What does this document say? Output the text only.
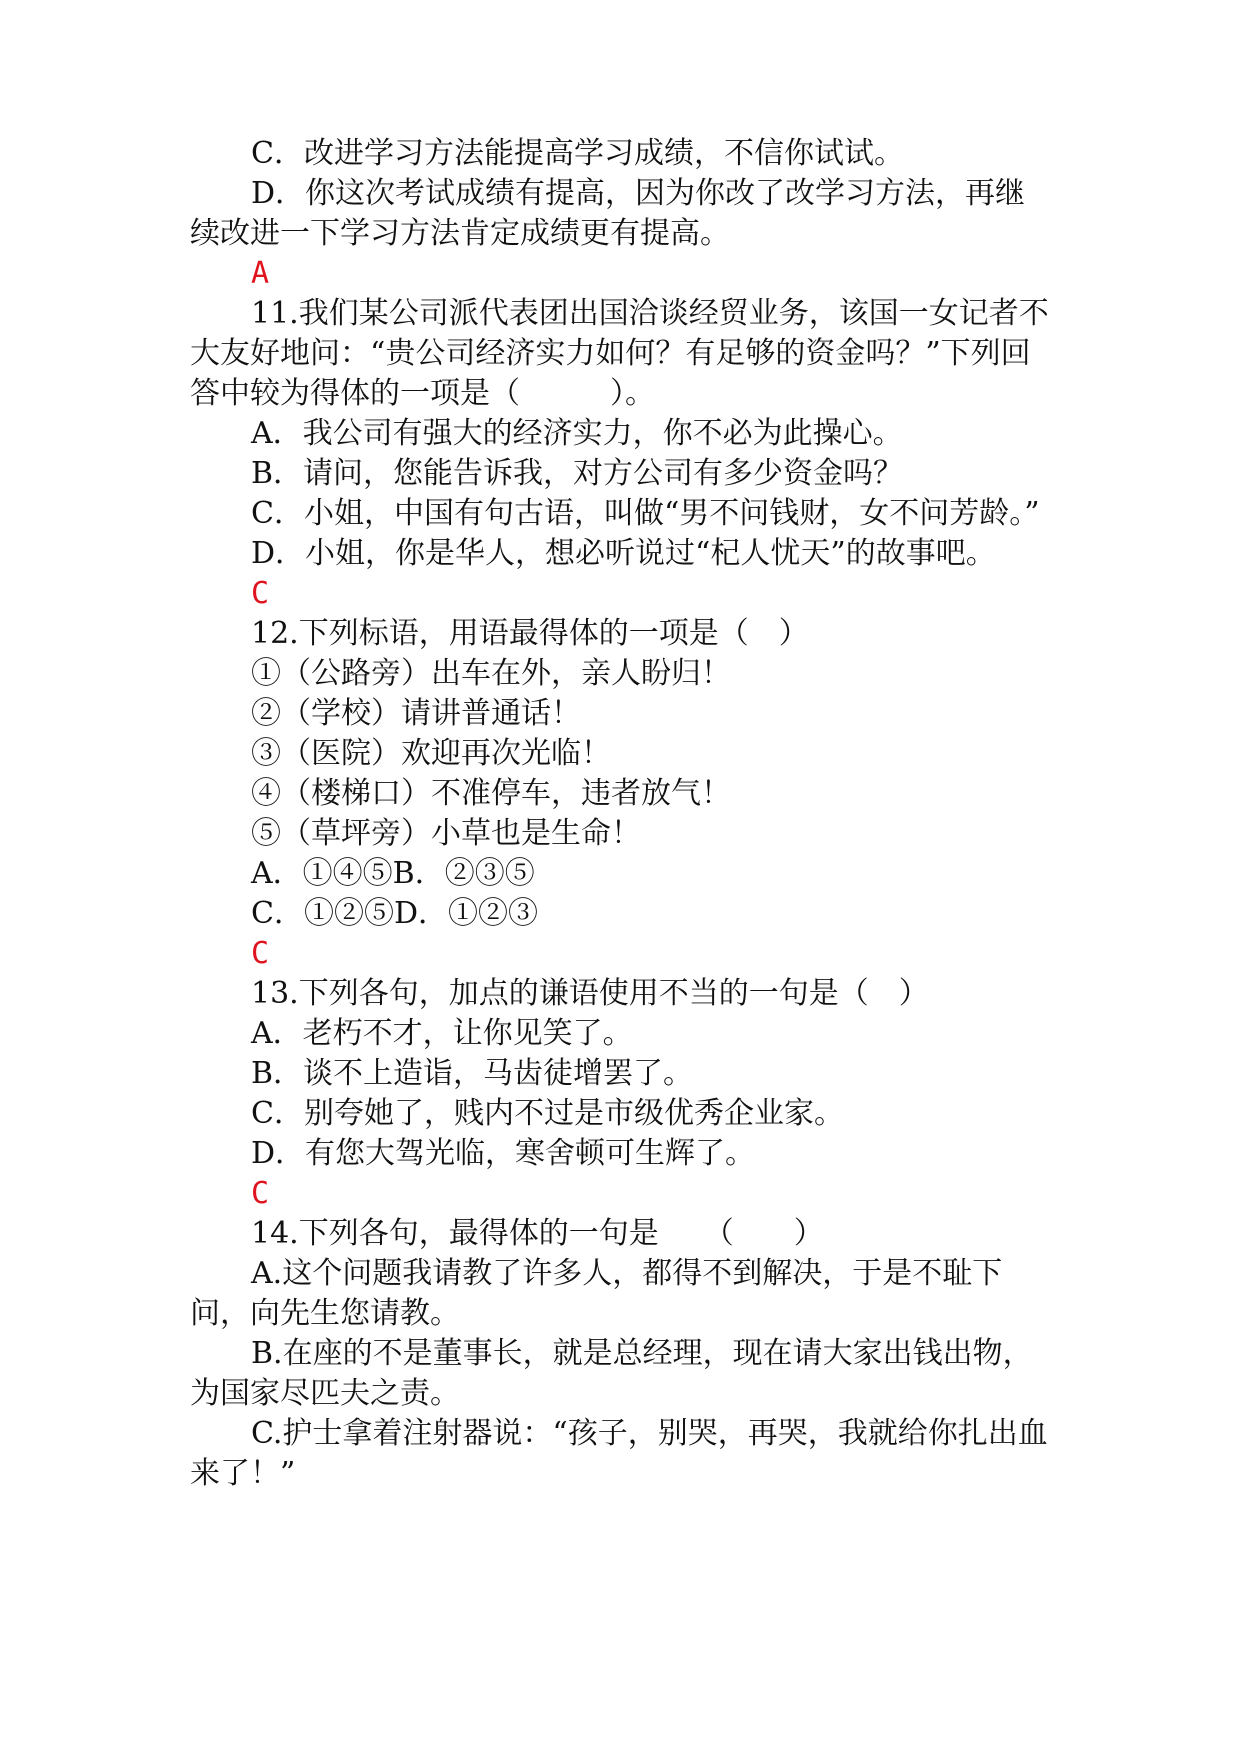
C．改进学习方法能提高学习成绩，不信你试试。

D．你这次考试成绩有提高，因为你改了改学习方法，再继续改进一下学习方法肯定成绩更有提高。

A

11.我们某公司派代表团出国洽谈经贸业务，该国一女记者不大友好地问：“贵公司经济实力如何？有足够的资金吗？”下列回答中较为得体的一项是（　　　）。

A．我公司有强大的经济实力，你不必为此操心。

B．请问，您能告诉我，对方公司有多少资金吗？

C．小姐，中国有句古语，叫做“男不问钱财，女不问芳龄。”

D．小姐，你是华人，想必听说过“杞人忧天”的故事吧。

C

12.下列标语，用语最得体的一项是（　）

①（公路旁）出车在外，亲人盼归！

②（学校）请讲普通话！

③（医院）欢迎再次光临！

④（楼梯口）不准停车，违者放气！

⑤（草坪旁）小草也是生命！

A．①④⑤B．②③⑤

C．①②⑤D．①②③

C

13.下列各句，加点的谦语使用不当的一句是（　）

A．老朽不才，让你见笑了。

B．谈不上造诣，马齿徒增罢了。

C．别夸她了，贱内不过是市级优秀企业家。

D．有您大驾光临，寒舍顿可生辉了。

C

14.下列各句，最得体的一句是　　（　　）

A.这个问题我请教了许多人，都得不到解决，于是不耻下问，向先生您请教。

B.在座的不是董事长，就是总经理，现在请大家出钱出物，为国家尽匹夫之责。

C.护士拿着注射器说：“孩子，别哭，再哭，我就给你扎出血来了！”
